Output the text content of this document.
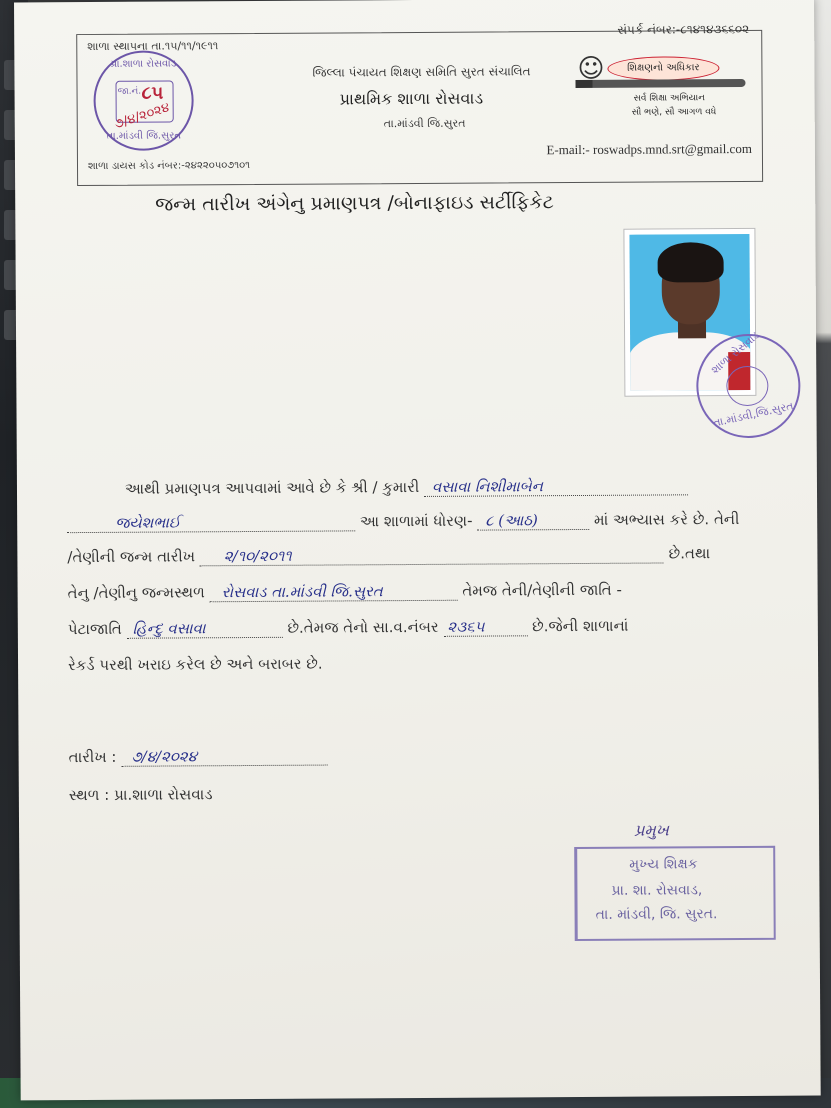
શાળા સ્થાપના તા.૧૫/૧૧/૧૯૧૧
સંપર્ક નંબર:-૮૧૪૧૪૩૬૬૦૨
જિલ્લા પંચાયત શિક્ષણ સમિતિ સુરત સંચાલિત
પ્રાથમિક શાળા રોસવાડ
તા.માંડવી જિ.સુરત
શાળા ડાયસ કોડ નંબર:-૨૪૨૨૦૫૦૭૧૦૧
E-mail:- roswadps.mnd.srt@gmail.com
શિક્ષણનો અધિકાર
☺
સર્વ શિક્ષા અભિયાન
સૌ ભણે, સૌ આગળ વધે
પ્રા.શાળા રોસવાડ
જા.નં. ૮૫
૭/૪/૨૦૨૪
તા.માંડવી જિ.સુરત
જન્મ તારીખ અંગેનુ પ્રમાણપત્ર /બોનાફાઇડ સર્ટીફિકેટ
શાળા રોસવાડ
તા.માંડવી,જિ.સુરત
આથી પ્રમાણપત્ર આપવામાં આવે છે કે શ્રી / કુમારી વસાવા નિશીમાબેન
જયેશભાઈ	આ શાળામાં ધોરણ- ૮ (આઠ)	માં અભ્યાસ કરે છે. તેની
/તેણીની જન્મ તારીખ ૨/૧૦/૨૦૧૧	છે.તથા
તેનુ /તેણીનુ જન્મસ્થળ રોસવાડ તા.માંડવી જિ.સુરત	તેમજ તેની/તેણીની જાતિ -
પેટાજાતિ હિન્દુ વસાવા	છે.તેમજ તેનો સા.વ.નંબર ૨૩૬૫	છે.જેની શાળાનાં
રેકર્ડ પરથી ખરાઇ કરેલ છે અને બરાબર છે.
તારીખ : ૭/૪/૨૦૨૪
સ્થળ : પ્રા.શાળા રોસવાડ
પ્રમુખ
મુખ્ય શિક્ષક
પ્રા. શા. રોસવાડ,
તા. માંડવી, જિ. સુરત.
